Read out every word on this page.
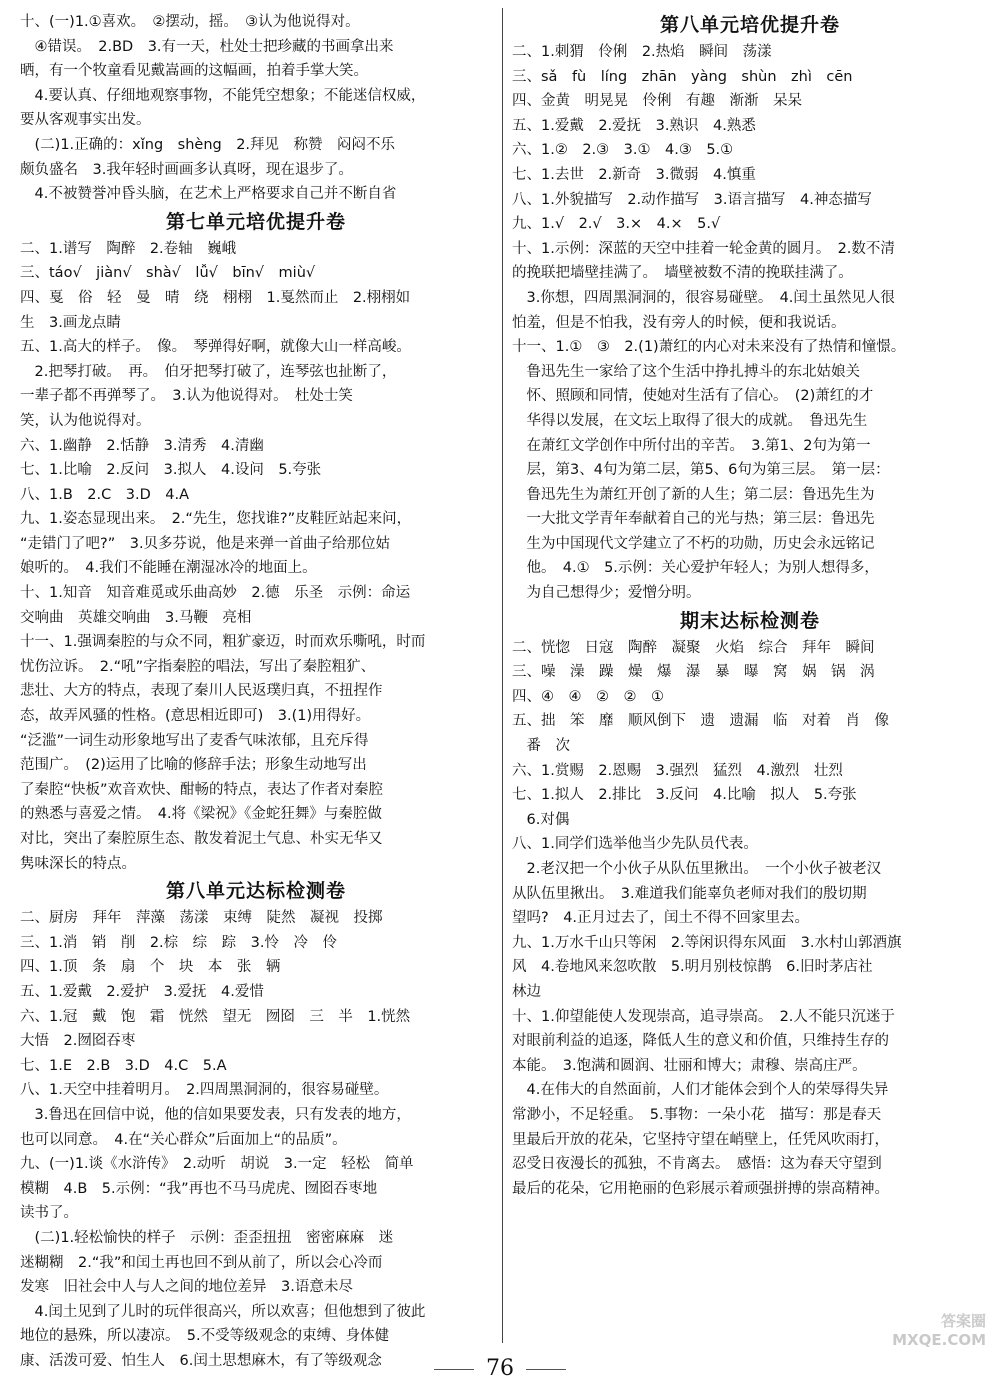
十、(一)1.①喜欢。　②摆动，摇。　③认为他说得对。

　④错误。　2.BD　3.有一天，杜处士把珍藏的书画拿出来

晒，有一个牧童看见戴嵩画的这幅画，拍着手掌大笑。

　4.要认真、仔细地观察事物，不能凭空想象；不能迷信权威，

要从客观事实出发。

　(二)1.正确的：xǐng　shèng　2.拜见　称赞　闷闷不乐

颇负盛名　3.我年轻时画画多认真呀，现在退步了。

　4.不被赞誉冲昏头脑，在艺术上严格要求自己并不断自省

第七单元培优提升卷

二、1.谱写　陶醉　2.卷轴　巍峨

三、táo√　jiàn√　shà√　lǚ√　bīn√　miù√

四、戛　俗　轻　曼　晴　绕　栩栩　1.戛然而止　2.栩栩如

生　3.画龙点睛

五、1.高大的样子。　像。　琴弹得好啊，就像大山一样高峻。

　2.把琴打破。　再。　伯牙把琴打破了，连琴弦也扯断了，

一辈子都不再弹琴了。　3.认为他说得对。　杜处士笑

笑，认为他说得对。

六、1.幽静　2.恬静　3.清秀　4.清幽

七、1.比喻　2.反问　3.拟人　4.设问　5.夸张

八、1.B　2.C　3.D　4.A

九、1.姿态显现出来。　2.“先生，您找谁?”皮鞋匠站起来问，

“走错门了吧?”　3.贝多芬说，他是来弹一首曲子给那位姑

娘听的。　4.我们不能睡在潮湿冰冷的地面上。

十、1.知音　知音难觅或乐曲高妙　2.德　乐圣　示例：命运

交响曲　英雄交响曲　3.马鞭　亮相

十一、1.强调秦腔的与众不同，粗犷豪迈，时而欢乐嘶吼，时而

忧伤泣诉。　2.“吼”字指秦腔的唱法，写出了秦腔粗犷、

悲壮、大方的特点，表现了秦川人民返璞归真，不扭捏作

态，故弄风骚的性格。(意思相近即可)　3.(1)用得好。

“泛滥”一词生动形象地写出了麦香气味浓郁，且充斥得

范围广。　(2)运用了比喻的修辞手法；形象生动地写出

了秦腔“快板”欢音欢快、酣畅的特点，表达了作者对秦腔

的熟悉与喜爱之情。　4.将《梁祝》《金蛇狂舞》与秦腔做

对比，突出了秦腔原生态、散发着泥土气息、朴实无华又

隽味深长的特点。

第八单元达标检测卷

二、厨房　拜年　萍藻　荡漾　束缚　陡然　凝视　投掷

三、1.消　销　削　2.棕　综　踪　3.怜　冷　伶

四、1.顶　条　扇　个　块　本　张　辆

五、1.爱戴　2.爱护　3.爱抚　4.爱惜

六、1.冠　戴　饱　霜　恍然　望无　囫囵　三　半　1.恍然

大悟　2.囫囵吞枣

七、1.E　2.B　3.D　4.C　5.A

八、1.天空中挂着明月。　2.四周黑洞洞的，很容易碰壁。

　3.鲁迅在回信中说，他的信如果要发表，只有发表的地方，

也可以同意。　4.在“关心群众”后面加上“的品质”。

九、(一)1.谈《水浒传》　2.动听　胡说　3.一定　轻松　简单

模糊　4.B　5.示例：“我”再也不马马虎虎、囫囵吞枣地

读书了。

　(二)1.轻松愉快的样子　示例：歪歪扭扭　密密麻麻　迷

迷糊糊　2.“我”和闰土再也回不到从前了，所以会心冷而

发寒　旧社会中人与人之间的地位差异　3.语意未尽

　4.闰土见到了儿时的玩伴很高兴，所以欢喜；但他想到了彼此

地位的悬殊，所以凄凉。　5.不受等级观念的束缚、身体健

康、活泼可爱、怕生人　6.闰土思想麻木，有了等级观念

第八单元培优提升卷

二、1.刺猬　伶俐　2.热焰　瞬间　荡漾

三、sǎ　fù　líng　zhān　yàng　shùn　zhì　cēn

四、金黄　明晃晃　伶俐　有趣　渐渐　呆呆

五、1.爱戴　2.爱抚　3.熟识　4.熟悉

六、1.②　2.③　3.①　4.③　5.①

七、1.去世　2.新奇　3.微弱　4.慎重

八、1.外貌描写　2.动作描写　3.语言描写　4.神态描写

九、1.√　2.√　3.×　4.×　5.√

十、1.示例：深蓝的天空中挂着一轮金黄的圆月。　2.数不清

的挽联把墙壁挂满了。　墙壁被数不清的挽联挂满了。

　3.你想，四周黑洞洞的，很容易碰壁。　4.闰土虽然见人很

怕羞，但是不怕我，没有旁人的时候，便和我说话。

十一、1.①　③　2.(1)萧红的内心对未来没有了热情和憧憬。

　鲁迅先生一家给了这个生活中挣扎搏斗的东北姑娘关

　怀、照顾和同情，使她对生活有了信心。　(2)萧红的才

　华得以发展，在文坛上取得了很大的成就。　鲁迅先生

　在萧红文学创作中所付出的辛苦。　3.第1、2句为第一

　层，第3、4句为第二层，第5、6句为第三层。　第一层：

　鲁迅先生为萧红开创了新的人生；第二层：鲁迅先生为

　一大批文学青年奉献着自己的光与热；第三层：鲁迅先

　生为中国现代文学建立了不朽的功勋，历史会永远铭记

　他。　4.①　5.示例：关心爱护年轻人；为别人想得多，

　为自己想得少；爱憎分明。

期末达标检测卷

二、恍惚　日寇　陶醉　凝聚　火焰　综合　拜年　瞬间

三、噪　澡　躁　燥　爆　瀑　暴　曝　窝　娲　锅　涡

四、④　④　②　②　①

五、拙　笨　靡　顺风倒下　遗　遗漏　临　对着　肖　像

　番　次

六、1.赏赐　2.恩赐　3.强烈　猛烈　4.激烈　壮烈

七、1.拟人　2.排比　3.反问　4.比喻　拟人　5.夸张

　6.对偶

八、1.同学们选举他当少先队员代表。

　2.老汉把一个小伙子从队伍里揪出。　一个小伙子被老汉

从队伍里揪出。　3.难道我们能辜负老师对我们的殷切期

望吗?　4.正月过去了，闰土不得不回家里去。

九、1.万水千山只等闲　2.等闲识得东风面　3.水村山郭酒旗

风　4.卷地风来忽吹散　5.明月别枝惊鹊　6.旧时茅店社

林边

十、1.仰望能使人发现崇高，追寻崇高。　2.人不能只沉迷于

对眼前利益的追逐，降低人生的意义和价值，只维持生存的

本能。　3.饱满和圆润、壮丽和博大；肃穆、崇高庄严。

　4.在伟大的自然面前，人们才能体会到个人的荣辱得失异

常渺小，不足轻重。　5.事物：一朵小花　描写：那是春天

里最后开放的花朵，它坚持守望在峭壁上，任凭风吹雨打，

忍受日夜漫长的孤独，不肯离去。　感悟：这为春天守望到

最后的花朵，它用艳丽的色彩展示着顽强拼搏的崇高精神。

76

答案圈

MXQE.COM
